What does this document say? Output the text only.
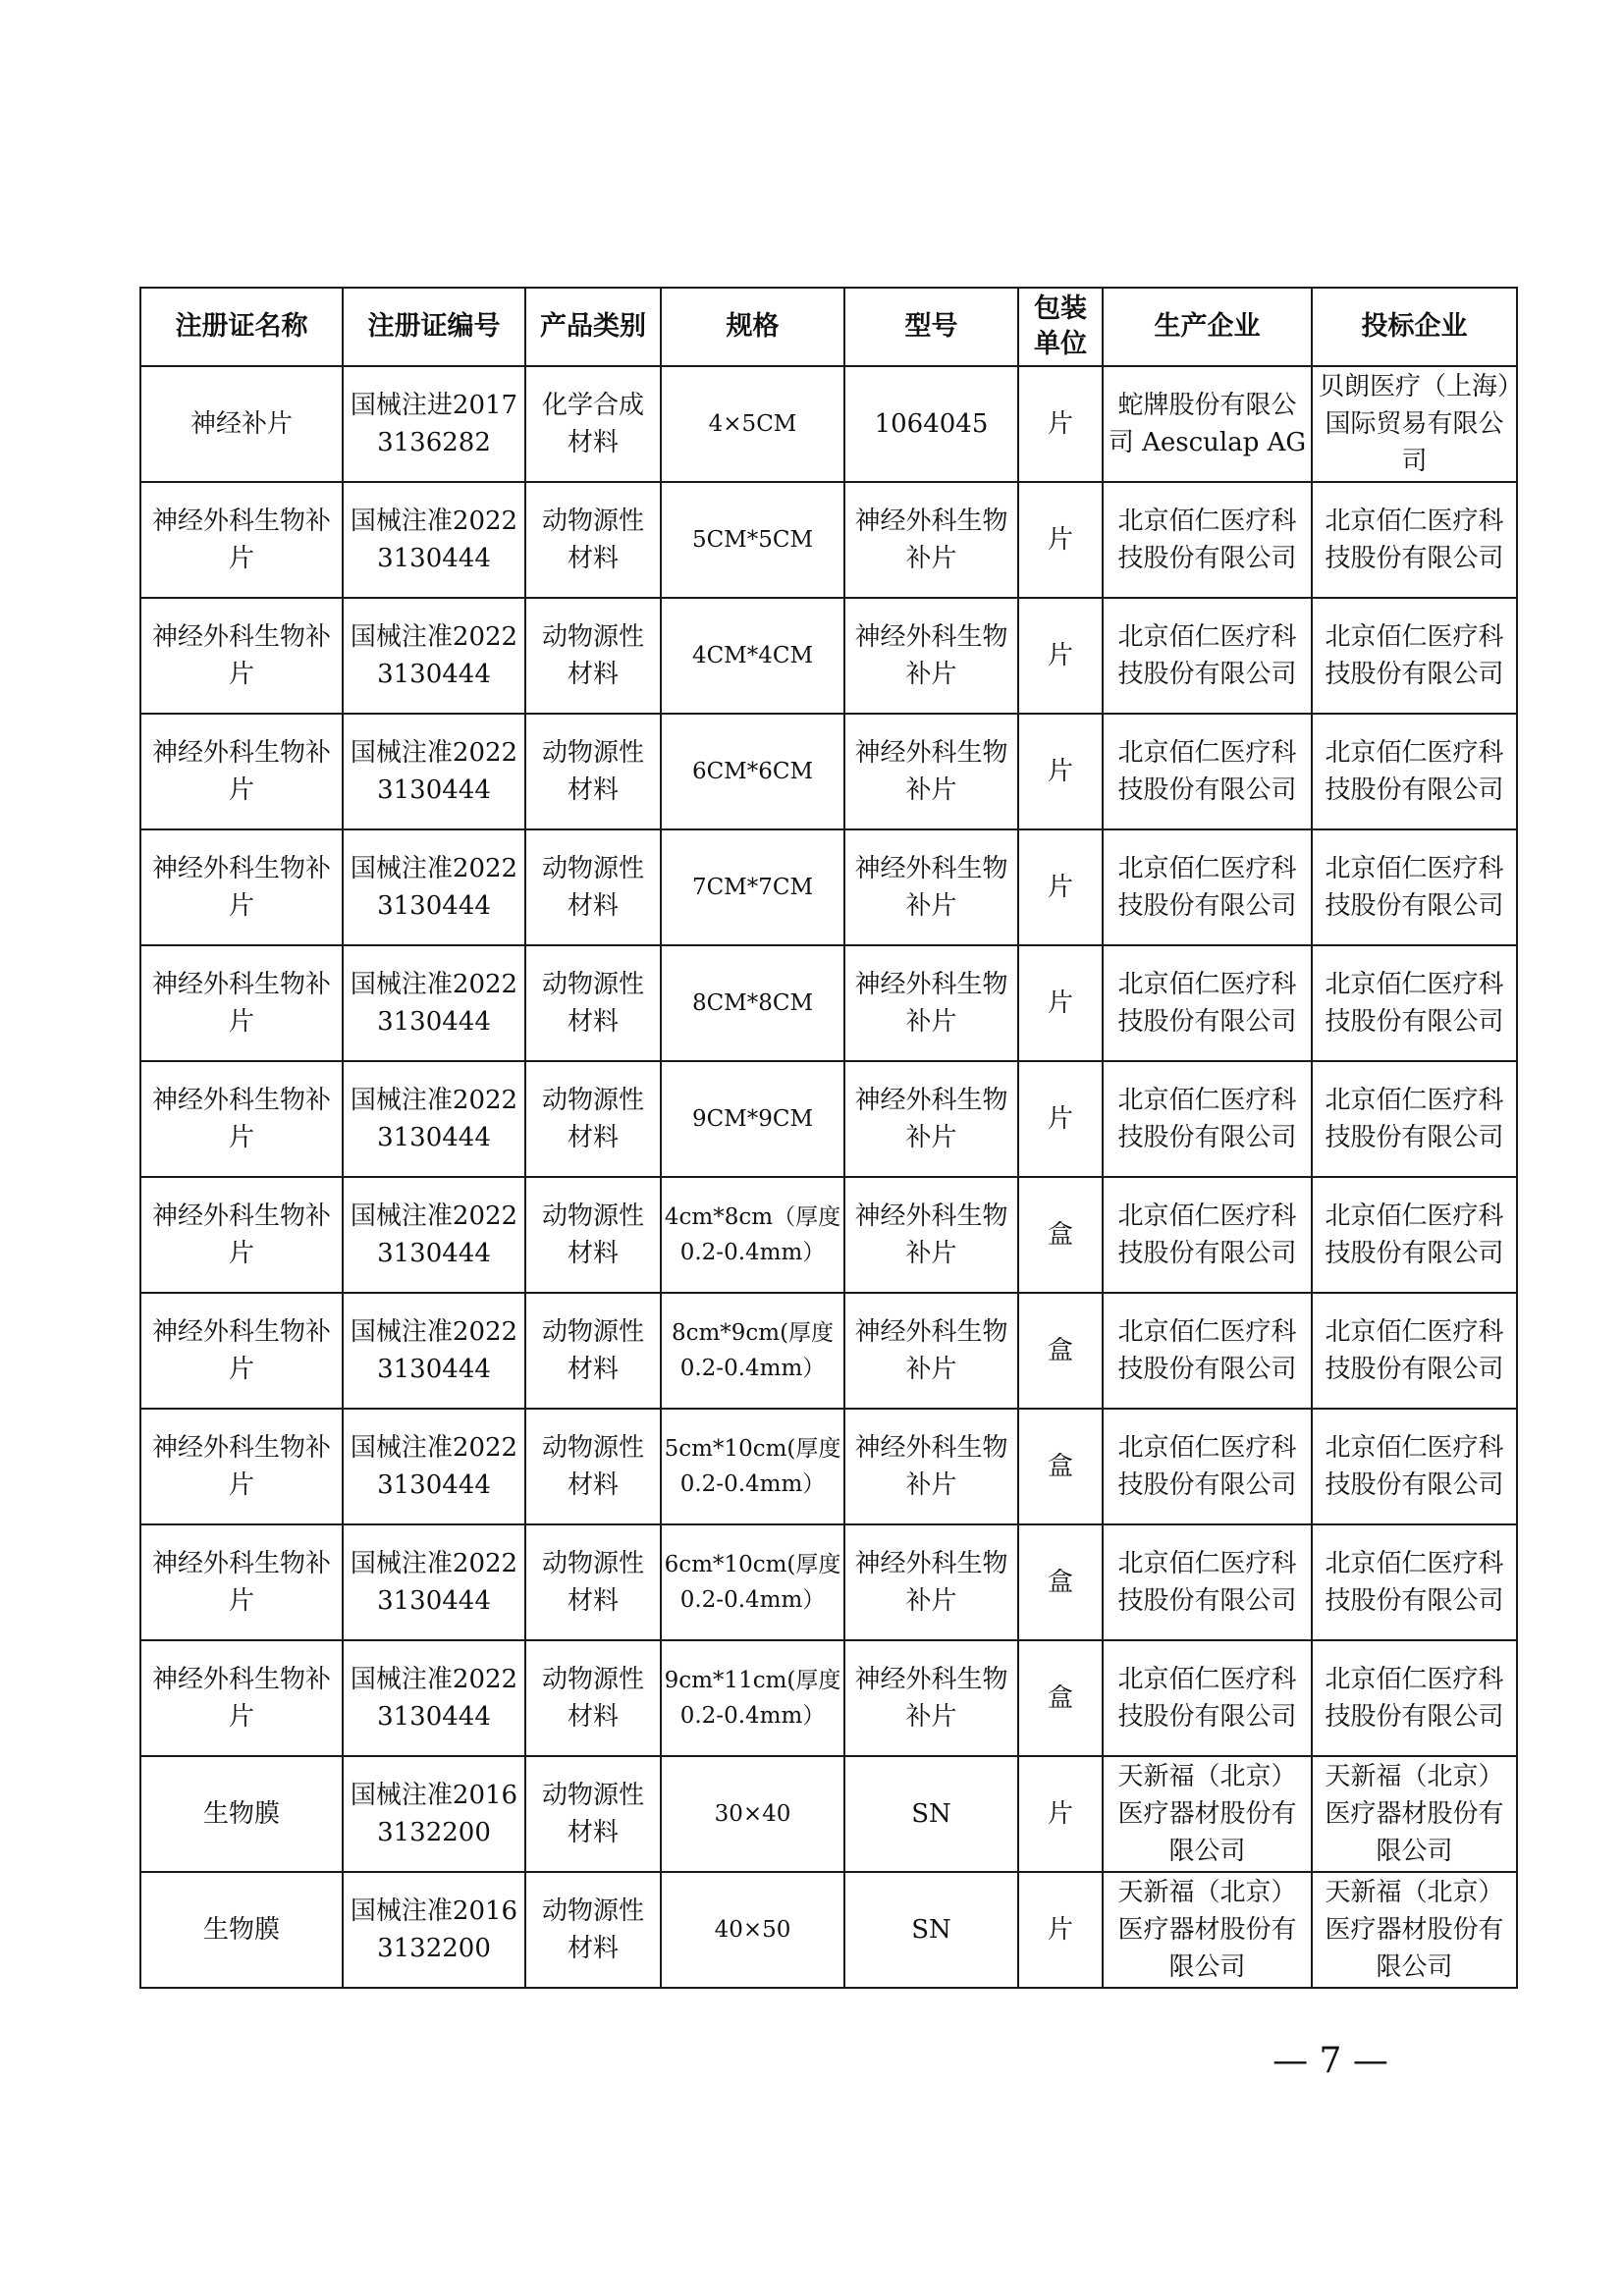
注册证名称	注册证编号	产品类别	规格	型号	包装单位	生产企业	投标企业
神经补片	国械注进20173136282	化学合成材料	4×5CM	1064045	片	蛇牌股份有限公司 Aesculap AG	贝朗医疗（上海）国际贸易有限公司
神经外科生物补片	国械注准20223130444	动物源性材料	5CM*5CM	神经外科生物补片	片	北京佰仁医疗科技股份有限公司	北京佰仁医疗科技股份有限公司
神经外科生物补片	国械注准20223130444	动物源性材料	4CM*4CM	神经外科生物补片	片	北京佰仁医疗科技股份有限公司	北京佰仁医疗科技股份有限公司
神经外科生物补片	国械注准20223130444	动物源性材料	6CM*6CM	神经外科生物补片	片	北京佰仁医疗科技股份有限公司	北京佰仁医疗科技股份有限公司
神经外科生物补片	国械注准20223130444	动物源性材料	7CM*7CM	神经外科生物补片	片	北京佰仁医疗科技股份有限公司	北京佰仁医疗科技股份有限公司
神经外科生物补片	国械注准20223130444	动物源性材料	8CM*8CM	神经外科生物补片	片	北京佰仁医疗科技股份有限公司	北京佰仁医疗科技股份有限公司
神经外科生物补片	国械注准20223130444	动物源性材料	9CM*9CM	神经外科生物补片	片	北京佰仁医疗科技股份有限公司	北京佰仁医疗科技股份有限公司
神经外科生物补片	国械注准20223130444	动物源性材料	4cm*8cm（厚度0.2-0.4mm）	神经外科生物补片	盒	北京佰仁医疗科技股份有限公司	北京佰仁医疗科技股份有限公司
神经外科生物补片	国械注准20223130444	动物源性材料	8cm*9cm(厚度0.2-0.4mm）	神经外科生物补片	盒	北京佰仁医疗科技股份有限公司	北京佰仁医疗科技股份有限公司
神经外科生物补片	国械注准20223130444	动物源性材料	5cm*10cm(厚度0.2-0.4mm）	神经外科生物补片	盒	北京佰仁医疗科技股份有限公司	北京佰仁医疗科技股份有限公司
神经外科生物补片	国械注准20223130444	动物源性材料	6cm*10cm(厚度0.2-0.4mm）	神经外科生物补片	盒	北京佰仁医疗科技股份有限公司	北京佰仁医疗科技股份有限公司
神经外科生物补片	国械注准20223130444	动物源性材料	9cm*11cm(厚度0.2-0.4mm）	神经外科生物补片	盒	北京佰仁医疗科技股份有限公司	北京佰仁医疗科技股份有限公司
生物膜	国械注准20163132200	动物源性材料	30×40	SN	片	天新福（北京）医疗器材股份有限公司	天新福（北京）医疗器材股份有限公司
生物膜	国械注准20163132200	动物源性材料	40×50	SN	片	天新福（北京）医疗器材股份有限公司	天新福（北京）医疗器材股份有限公司
— 7 —
